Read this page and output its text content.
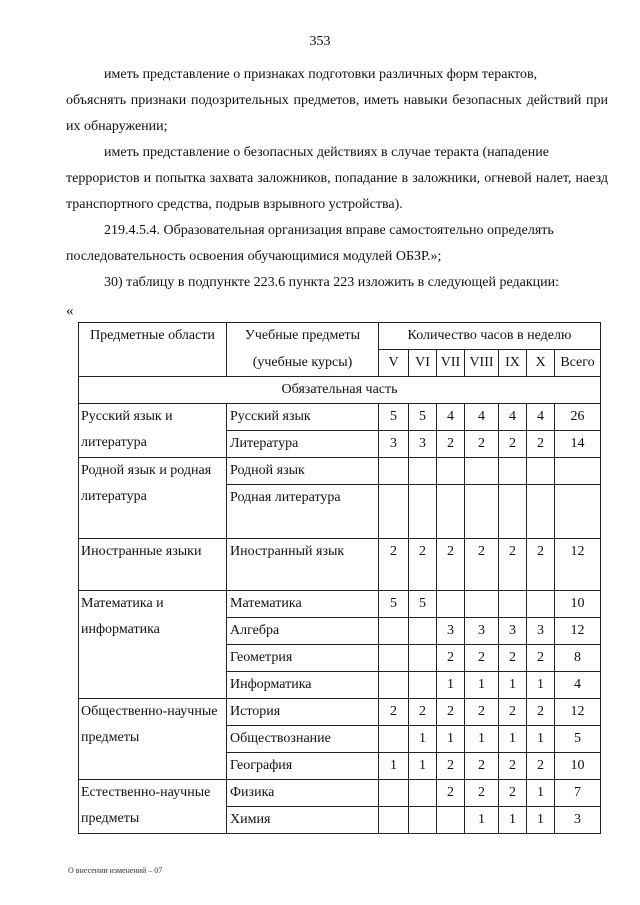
353

иметь представление о признаках подготовки различных форм терактов,
объяснять признаки подозрительных предметов, иметь навыки безопасных действий при их обнаружении;

иметь представление о безопасных действиях в случае теракта (нападение
террористов и попытка захвата заложников, попадание в заложники, огневой налет, наезд транспортного средства, подрыв взрывного устройства).

219.4.5.4. Образовательная организация вправе самостоятельно определять
последовательность освоения обучающимися модулей ОБЗР.»;

30) таблицу в подпункте 223.6 пункта 223 изложить в следующей редакции:

«
Предметные области	Учебные предметы	Количество часов в неделю						
	(учебные курсы)	V	VI	VII	VIII	IX	X	Всего
Обязательная часть								

Русский язык и литература	Русский язык	5	5	4	4	4	4	26
	Литература	3	3	2	2	2	2	14

Родной язык и родная литература	Родной язык							
	Родная литература							

Иностранные языки	Иностранный язык	2	2	2	2	2	2	12

Математика и информатика	Математика	5	5					10
	Алгебра			3	3	3	3	12
	Геометрия			2	2	2	2	8
	Информатика			1	1	1	1	4

Общественно-научные предметы	История	2	2	2	2	2	2	12
	Обществознание		1	1	1	1	1	5
	География	1	1	2	2	2	2	10

Естественно-научные предметы	Физика			2	2	2	1	7
	Химия				1	1	1	3
О внесении изменений – 07
